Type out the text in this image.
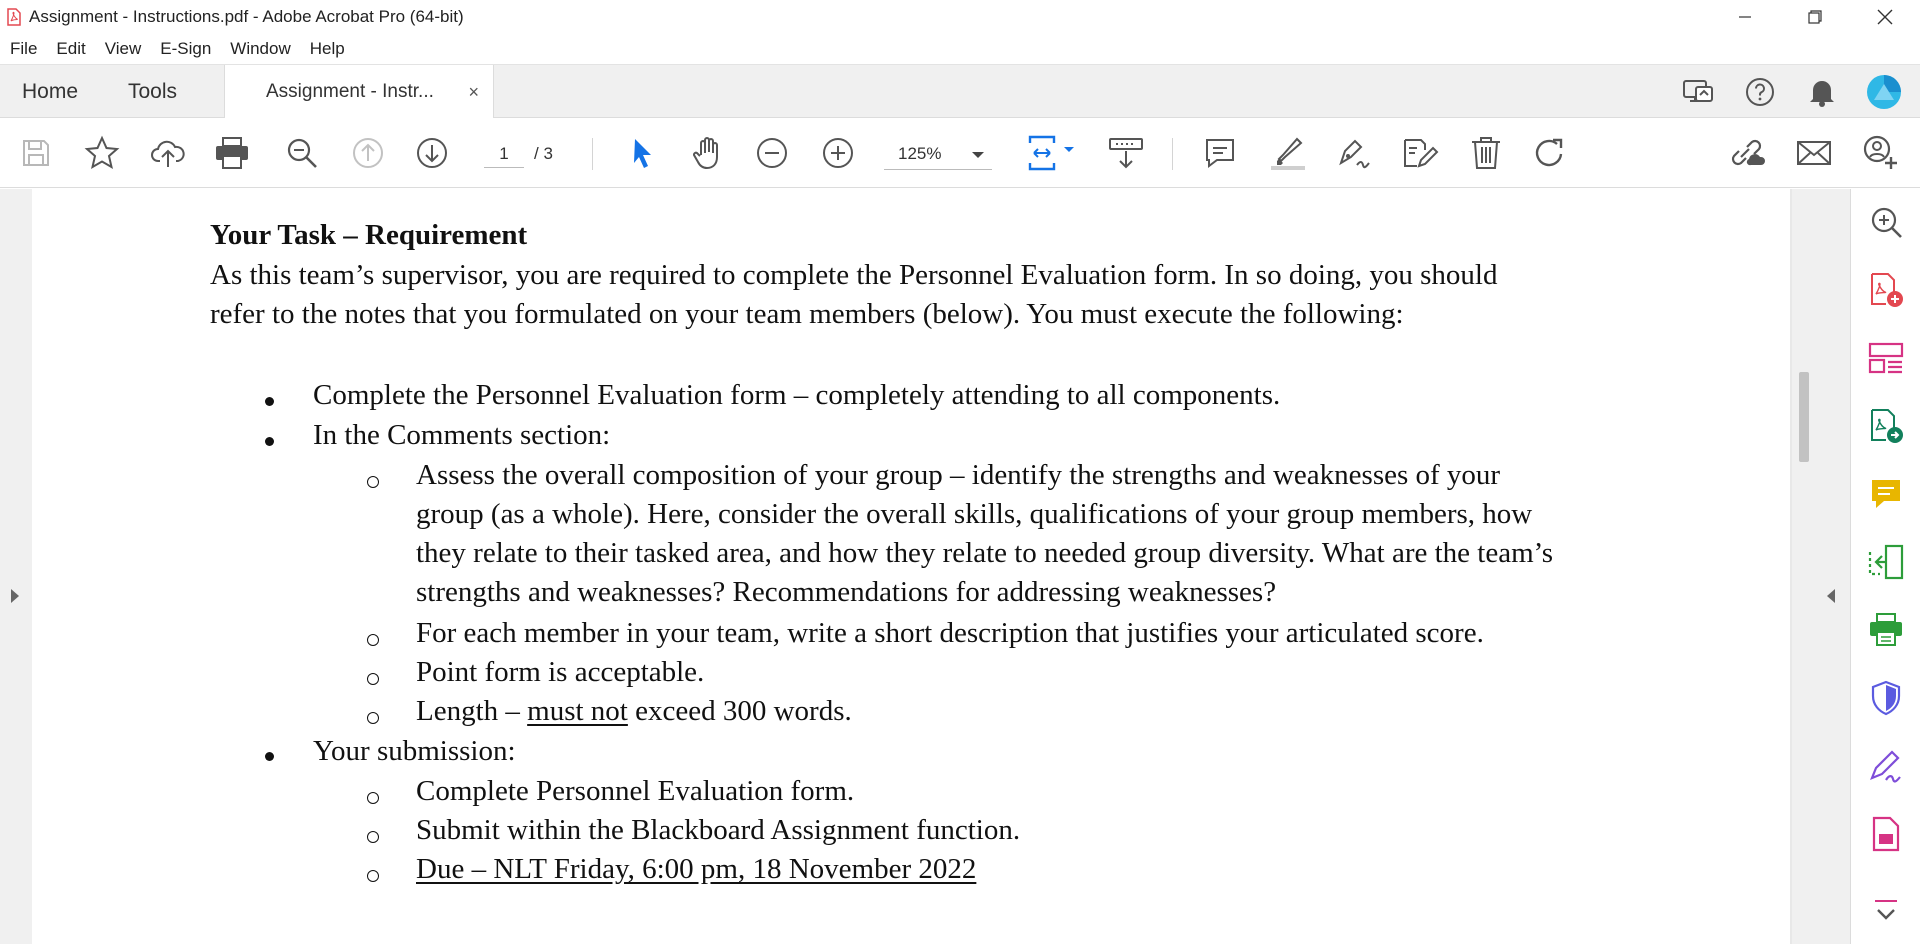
Assignment - Instructions.pdf - Adobe Acrobat Pro (64-bit)
File Edit View E-Sign Window Help
Home Tools	Assignment - Instr... ×
1	/ 3	125%
Your Task – Requirement
As this team’s supervisor, you are required to complete the Personnel Evaluation form. In so doing, you should
refer to the notes that you formulated on your team members (below). You must execute the following:
Complete the Personnel Evaluation form – completely attending to all components.
In the Comments section:
Assess the overall composition of your group – identify the strengths and weaknesses of your
group (as a whole). Here, consider the overall skills, qualifications of your group members, how
they relate to their tasked area, and how they relate to needed group diversity. What are the team’s
strengths and weaknesses? Recommendations for addressing weaknesses?
For each member in your team, write a short description that justifies your articulated score.
Point form is acceptable.
Length – must not exceed 300 words.
Your submission:
Complete Personnel Evaluation form.
Submit within the Blackboard Assignment function.
Due – NLT Friday, 6:00 pm, 18 November 2022
